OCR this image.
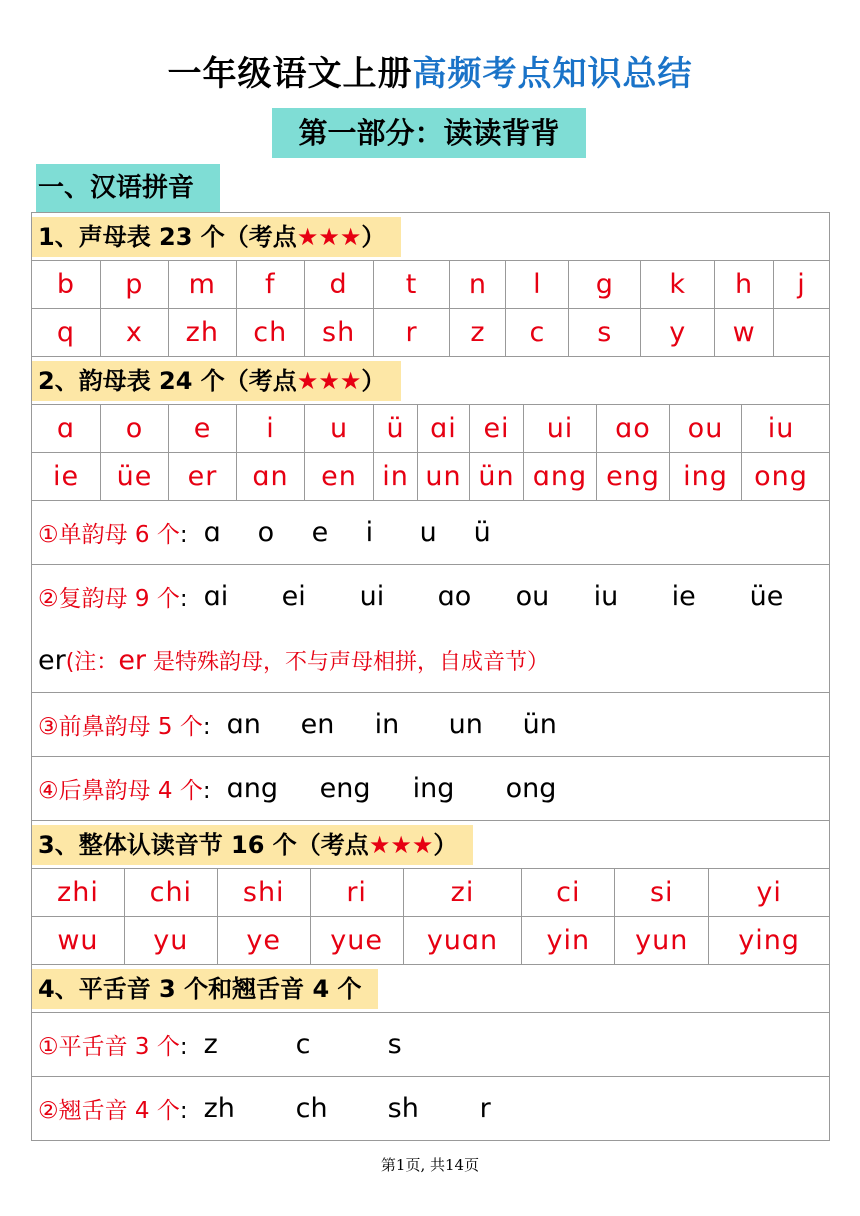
一年级语文上册高频考点知识总结
第一部分：读读背背
一、汉语拼音
1、声母表 23 个（考点★★★）
b	p	m	f	d	t	n	l	g	k	h	j
q	x	zh	ch	sh	r	z	c	s	y	w
2、韵母表 24 个（考点★★★）
ɑ	o	e	i	u	ü ɑi ei	ui	ɑo	ou	iu
ie	üe	er	ɑn	en in un ün ɑng eng ing ong
①单韵母 6 个: ɑ	o	e	i	u	ü
②复韵母 9 个: ɑi	ei	ui	ɑo	ou	iu	ie	üe
er (注：er 是特殊韵母，不与声母相拼，自成音节）
③前鼻韵母 5 个: ɑn	en	in	un	ün
④后鼻韵母 4 个: ɑng	eng	ing	ong
3、整体认读音节 16 个（考点★★★）
zhi	chi	shi	ri	zi	ci	si	yi
wu	yu	ye	yue	yuɑn	yin	yun	ying
4、平舌音 3 个和翘舌音 4 个
①平舌音 3 个: z	c	s
②翘舌音 4 个: zh	ch	sh	r
第1页, 共14页
